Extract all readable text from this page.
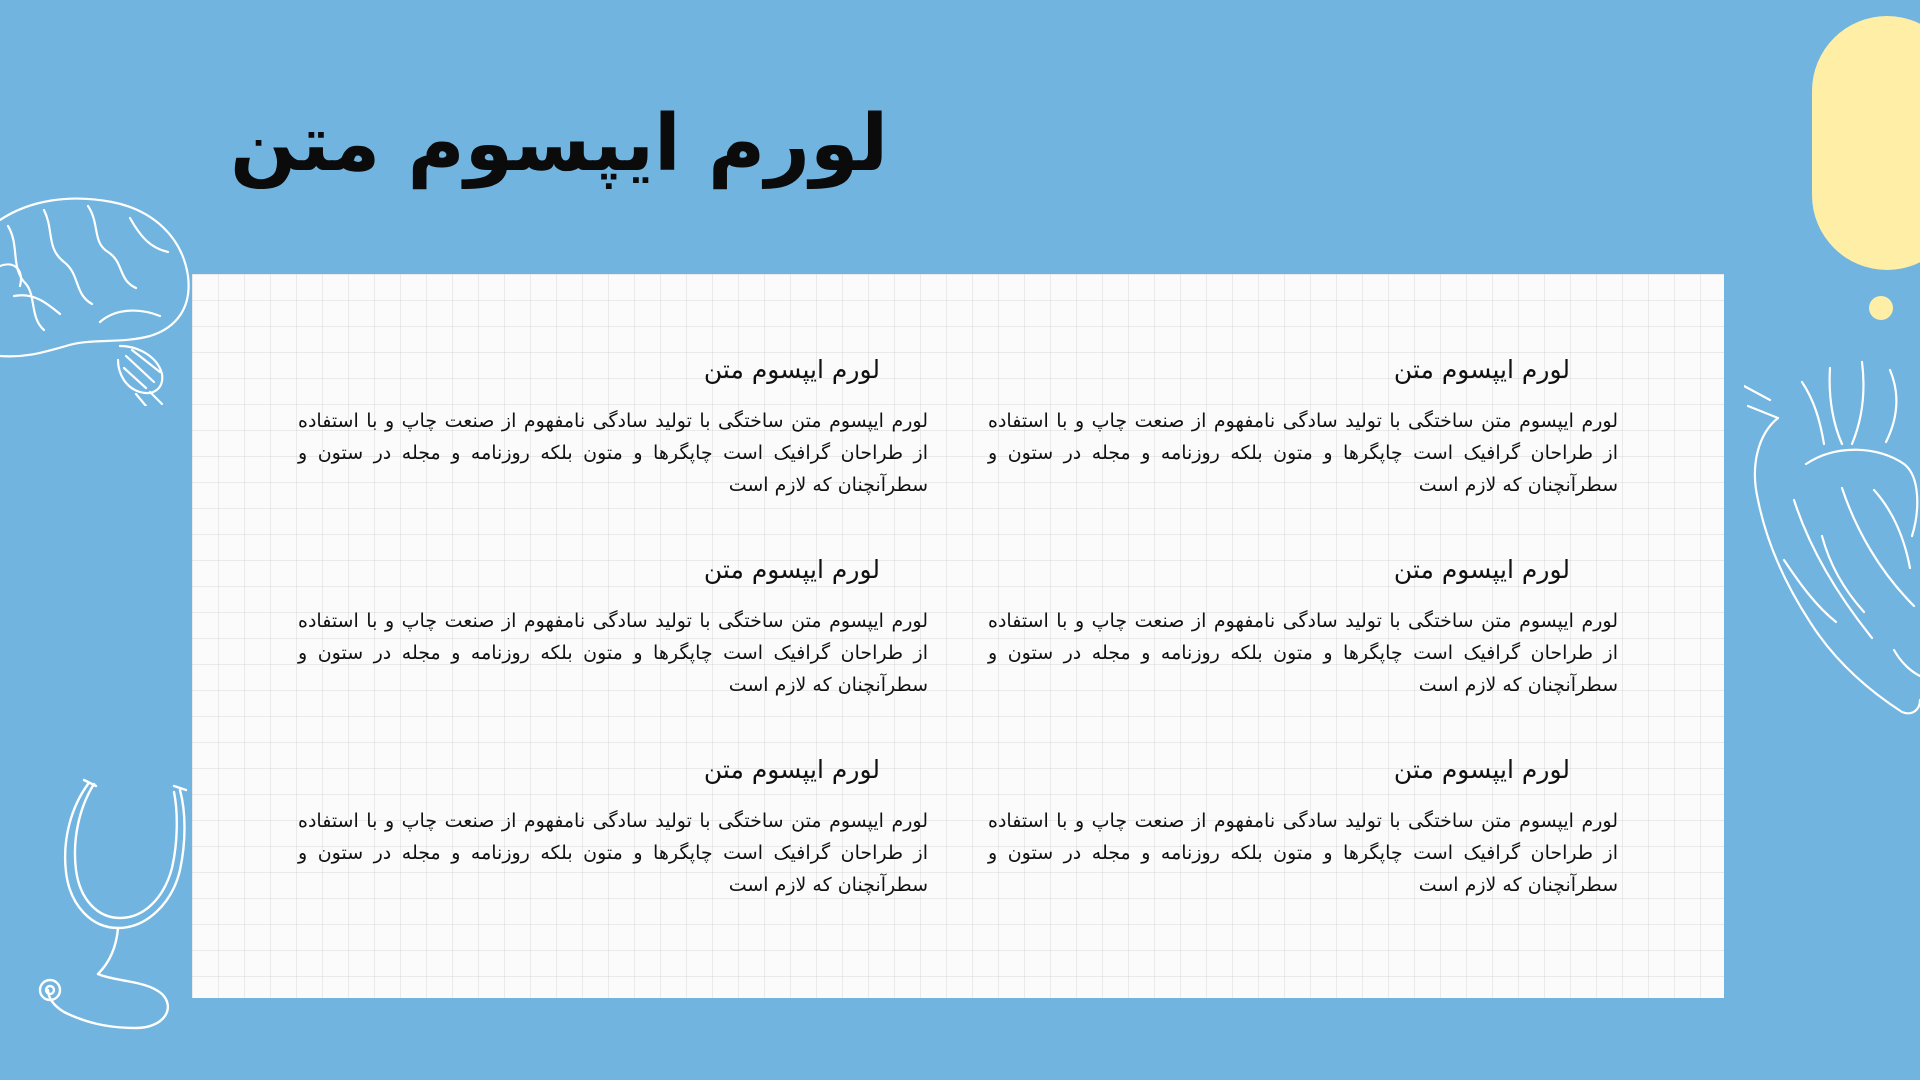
لورم ایپسوم متن
لورم ایپسوم متن

لورم ایپسوم متن ساختگی با تولید سادگی نامفهوم از صنعت چاپ و با استفاده از طراحان گرافیک است چاپگرها و متون بلکه روزنامه و مجله در ستون و سطرآنچنان که لازم است

لورم ایپسوم متن

لورم ایپسوم متن ساختگی با تولید سادگی نامفهوم از صنعت چاپ و با استفاده از طراحان گرافیک است چاپگرها و متون بلکه روزنامه و مجله در ستون و سطرآنچنان که لازم است

لورم ایپسوم متن

لورم ایپسوم متن ساختگی با تولید سادگی نامفهوم از صنعت چاپ و با استفاده از طراحان گرافیک است چاپگرها و متون بلکه روزنامه و مجله در ستون و سطرآنچنان که لازم است

لورم ایپسوم متن

لورم ایپسوم متن ساختگی با تولید سادگی نامفهوم از صنعت چاپ و با استفاده از طراحان گرافیک است چاپگرها و متون بلکه روزنامه و مجله در ستون و سطرآنچنان که لازم است

لورم ایپسوم متن

لورم ایپسوم متن ساختگی با تولید سادگی نامفهوم از صنعت چاپ و با استفاده از طراحان گرافیک است چاپگرها و متون بلکه روزنامه و مجله در ستون و سطرآنچنان که لازم است

لورم ایپسوم متن

لورم ایپسوم متن ساختگی با تولید سادگی نامفهوم از صنعت چاپ و با استفاده از طراحان گرافیک است چاپگرها و متون بلکه روزنامه و مجله در ستون و سطرآنچنان که لازم است
